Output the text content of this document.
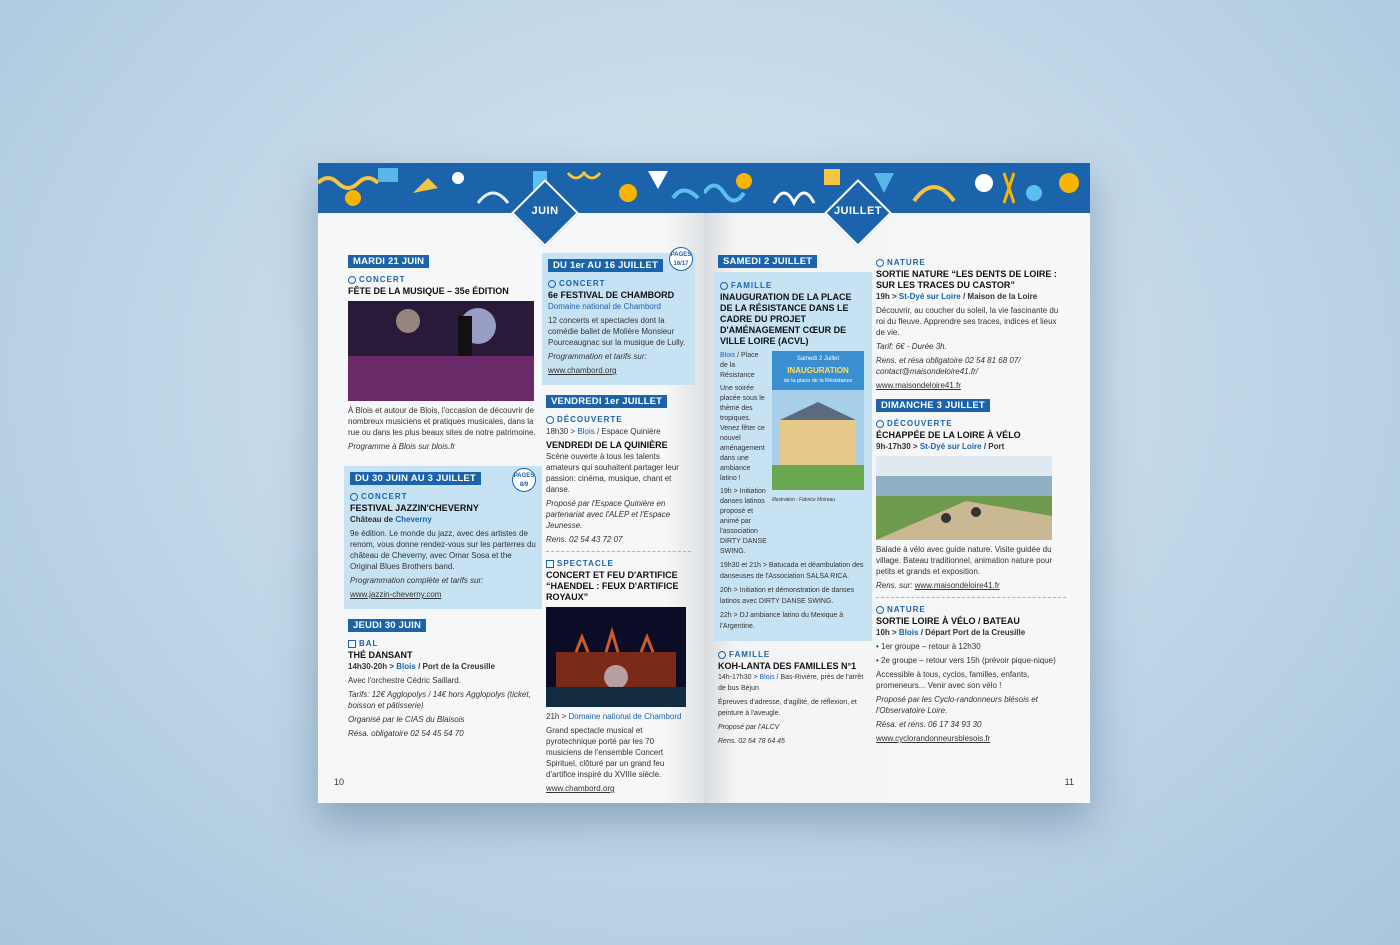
JUIN
MARDI 21 JUIN
CONCERT
FÊTE DE LA MUSIQUE – 35e ÉDITION

À Blois et autour de Blois, l'occasion de découvrir de nombreux musiciens et pratiques musicales, dans la rue ou dans les plus beaux sites de notre patrimoine.

Programme à Blois sur blois.fr

DU 30 JUIN AU 3 JUILLET	PAGES 8/9
CONCERT
FESTIVAL JAZZIN'CHEVERNY

Château de Cheverny

9e édition. Le monde du jazz, avec des artistes de renom, vous donne rendez-vous sur les parterres du château de Cheverny, avec Omar Sosa et the Original Blues Brothers band.

Programmation complète et tarifs sur:

www.jazzin-cheverny.com

JEUDI 30 JUIN
BAL
THÉ DANSANT

14h30-20h > Blois / Port de la Creusille

Avec l'orchestre Cédric Saillard.

Tarifs: 12€ Agglopolys / 14€ hors Agglopolys (ticket, boisson et pâtisserie)

Organisé par le CIAS du Blaisois

Résa. obligatoire 02 54 45 54 70

DU 1er AU 16 JUILLET
PAGES 16/17
CONCERT
6e FESTIVAL DE CHAMBORD

Domaine national de Chambord

12 concerts et spectacles dont la comédie ballet de Molière Monsieur Pourceaugnac sur la musique de Lully.

Programmation et tarifs sur:

www.chambord.org

VENDREDI 1er JUILLET
DÉCOUVERTE

18h30 > Blois / Espace Quinière

VENDREDI DE LA QUINIÈRE

Scène ouverte à tous les talents amateurs qui souhaitent partager leur passion: cinéma, musique, chant et danse.

Proposé par l'Espace Quinière en partenariat avec l'ALEP et l'Espace Jeunesse.

Rens. 02 54 43 72 07

SPECTACLE
CONCERT ET FEU D'ARTIFICE “HAENDEL : FEUX D'ARTIFICE ROYAUX”

21h > Domaine national de Chambord

Grand spectacle musical et pyrotechnique porté par les 70 musiciens de l'ensemble Concert Spirituel, clôturé par un grand feu d'artifice inspiré du XVIIIe siècle.

www.chambord.org

10
JUILLET
SAMEDI 2 JUILLET
FAMILLE
INAUGURATION DE LA PLACE DE LA RÉSISTANCE DANS LE CADRE DU PROJET D'AMÉNAGEMENT CŒUR DE VILLE LOIRE (ACVL)

Blois / Place de la Résistance

Une soirée placée sous le thème des tropiques. Venez fêter ce nouvel aménagement dans une ambiance latino !

19h > Initiation danses latinos proposé et animé par l'association DIRTY DANSE SWING.

Samedi 2 Juillet
INAUGURATION
de la place de la Résistance
Illustration : Fabrice Moireau

19h30 et 21h > Batucada et déambulation des danseuses de l'Association SALSA RICA.

20h > Initiation et démonstration de danses latinos avec DIRTY DANSE SWING.

22h > DJ ambiance latino du Mexique à l'Argentine.

FAMILLE
KOH-LANTA DES FAMILLES N°1

14h-17h30 > Blois / Bas-Rivière, près de l'arrêt de bus Béjun

Épreuves d'adresse, d'agilité, de réflexion, et peinture à l'aveugle.

Proposé par l'ALCV

Rens. 02 54 78 64 45

NATURE
SORTIE NATURE “LES DENTS DE LOIRE : SUR LES TRACES DU CASTOR”

19h > St-Dyé sur Loire / Maison de la Loire

Découvrir, au coucher du soleil, la vie fascinante du roi du fleuve. Apprendre ses traces, indices et lieux de vie.

Tarif: 6€ - Durée 3h.

Rens. et résa obligatoire 02 54 81 68 07/ contact@maisondeloire41.fr/

www.maisondeloire41.fr

DIMANCHE 3 JUILLET
DÉCOUVERTE
ÉCHAPPÉE DE LA LOIRE À VÉLO

9h-17h30 > St-Dyé sur Loire / Port

Balade à vélo avec guide nature. Visite guidée du village. Bateau traditionnel, animation nature pour petits et grands et exposition.

Rens. sur: www.maisondeloire41.fr

NATURE
SORTIE LOIRE À VÉLO / BATEAU

10h > Blois / Départ Port de la Creusille

• 1er groupe – retour à 12h30

• 2e groupe – retour vers 15h (prévoir pique-nique)

Accessible à tous, cyclos, familles, enfants, promeneurs... Venir avec son vélo !

Proposé par les Cyclo-randonneurs blésois et l'Observatoire Loire.

Résa. et rens. 06 17 34 93 30

www.cyclorandonneursblesois.fr

11
